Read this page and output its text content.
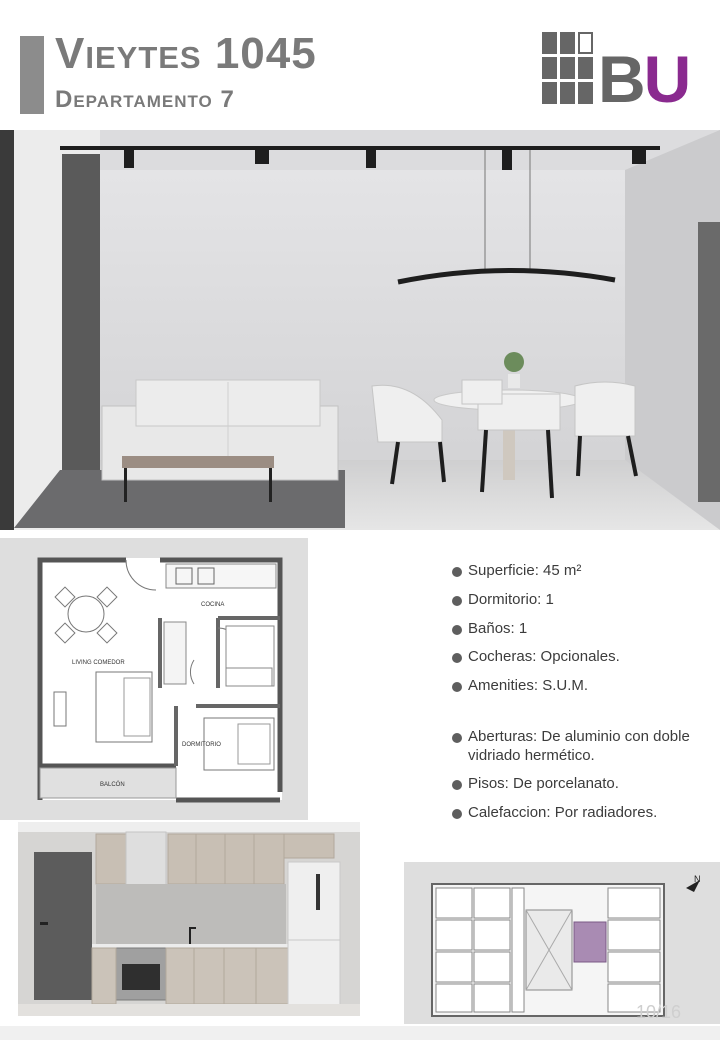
Vieytes 1045
Departamento 7	BU
COCINA
LIVING COMEDOR
DORMITORIO
BALCÓN
Superficie: 45 m²
Dormitorio: 1
Baños: 1
Cocheras: Opcionales.
Amenities: S.U.M.
Aberturas: De aluminio con doble vidriado hermético.
Pisos: De porcelanato.
Calefaccion: Por radiadores.
N
10/16
